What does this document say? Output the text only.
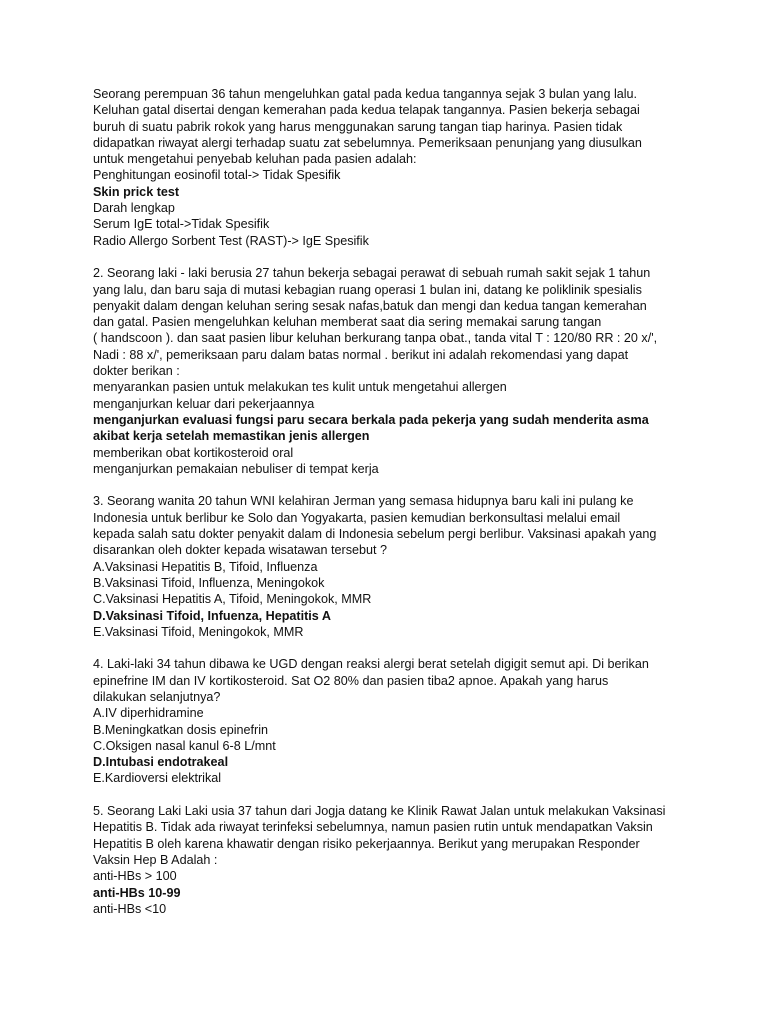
Seorang perempuan 36 tahun mengeluhkan gatal pada kedua tangannya sejak 3 bulan yang lalu.
Keluhan gatal disertai dengan kemerahan pada kedua telapak tangannya. Pasien bekerja sebagai
buruh di suatu pabrik rokok yang harus menggunakan sarung tangan tiap harinya. Pasien tidak
didapatkan riwayat alergi terhadap suatu zat sebelumnya. Pemeriksaan penunjang yang diusulkan
untuk mengetahui penyebab keluhan pada pasien adalah:
Penghitungan eosinofil total-> Tidak Spesifik
Skin prick test
Darah lengkap
Serum IgE total->Tidak Spesifik
Radio Allergo Sorbent Test (RAST)-> IgE Spesifik
2. Seorang laki - laki berusia 27 tahun bekerja sebagai perawat di sebuah rumah sakit sejak 1 tahun
yang lalu, dan baru saja di mutasi kebagian ruang operasi 1 bulan ini, datang ke poliklinik spesialis
penyakit dalam dengan keluhan sering sesak nafas,batuk dan mengi dan kedua tangan kemerahan
dan gatal. Pasien mengeluhkan keluhan memberat saat dia sering memakai sarung tangan
( handscoon ). dan saat pasien libur keluhan berkurang tanpa obat., tanda vital T : 120/80 RR : 20 x/',
Nadi : 88 x/', pemeriksaan paru dalam batas normal . berikut ini adalah rekomendasi yang dapat
dokter berikan :
menyarankan pasien untuk melakukan tes kulit untuk mengetahui allergen
menganjurkan keluar dari pekerjaannya
menganjurkan evaluasi fungsi paru secara berkala pada pekerja yang sudah menderita asma
akibat kerja setelah memastikan jenis allergen
memberikan obat kortikosteroid oral
menganjurkan pemakaian nebuliser di tempat kerja
3. Seorang wanita 20 tahun WNI kelahiran Jerman yang semasa hidupnya baru kali ini pulang ke
Indonesia untuk berlibur ke Solo dan Yogyakarta, pasien kemudian berkonsultasi melalui email
kepada salah satu dokter penyakit dalam di Indonesia sebelum pergi berlibur. Vaksinasi apakah yang
disarankan oleh dokter kepada wisatawan tersebut ?
A.Vaksinasi Hepatitis B, Tifoid, Influenza
B.Vaksinasi Tifoid, Influenza, Meningokok
C.Vaksinasi Hepatitis A, Tifoid, Meningokok, MMR
D.Vaksinasi Tifoid, Infuenza, Hepatitis A
E.Vaksinasi Tifoid, Meningokok, MMR
4. Laki-laki 34 tahun dibawa ke UGD dengan reaksi alergi berat setelah digigit semut api. Di berikan
epinefrine IM dan IV kortikosteroid. Sat O2 80% dan pasien tiba2 apnoe. Apakah yang harus
dilakukan selanjutnya?
A.IV diperhidramine
B.Meningkatkan dosis epinefrin
C.Oksigen nasal kanul 6-8 L/mnt
D.Intubasi endotrakeal
E.Kardioversi elektrikal
5. Seorang Laki Laki usia 37 tahun dari Jogja datang ke Klinik Rawat Jalan untuk melakukan Vaksinasi
Hepatitis B. Tidak ada riwayat terinfeksi sebelumnya, namun pasien rutin untuk mendapatkan Vaksin
Hepatitis B oleh karena khawatir dengan risiko pekerjaannya. Berikut yang merupakan Responder
Vaksin Hep B Adalah :
anti-HBs > 100
anti-HBs 10-99
anti-HBs <10
